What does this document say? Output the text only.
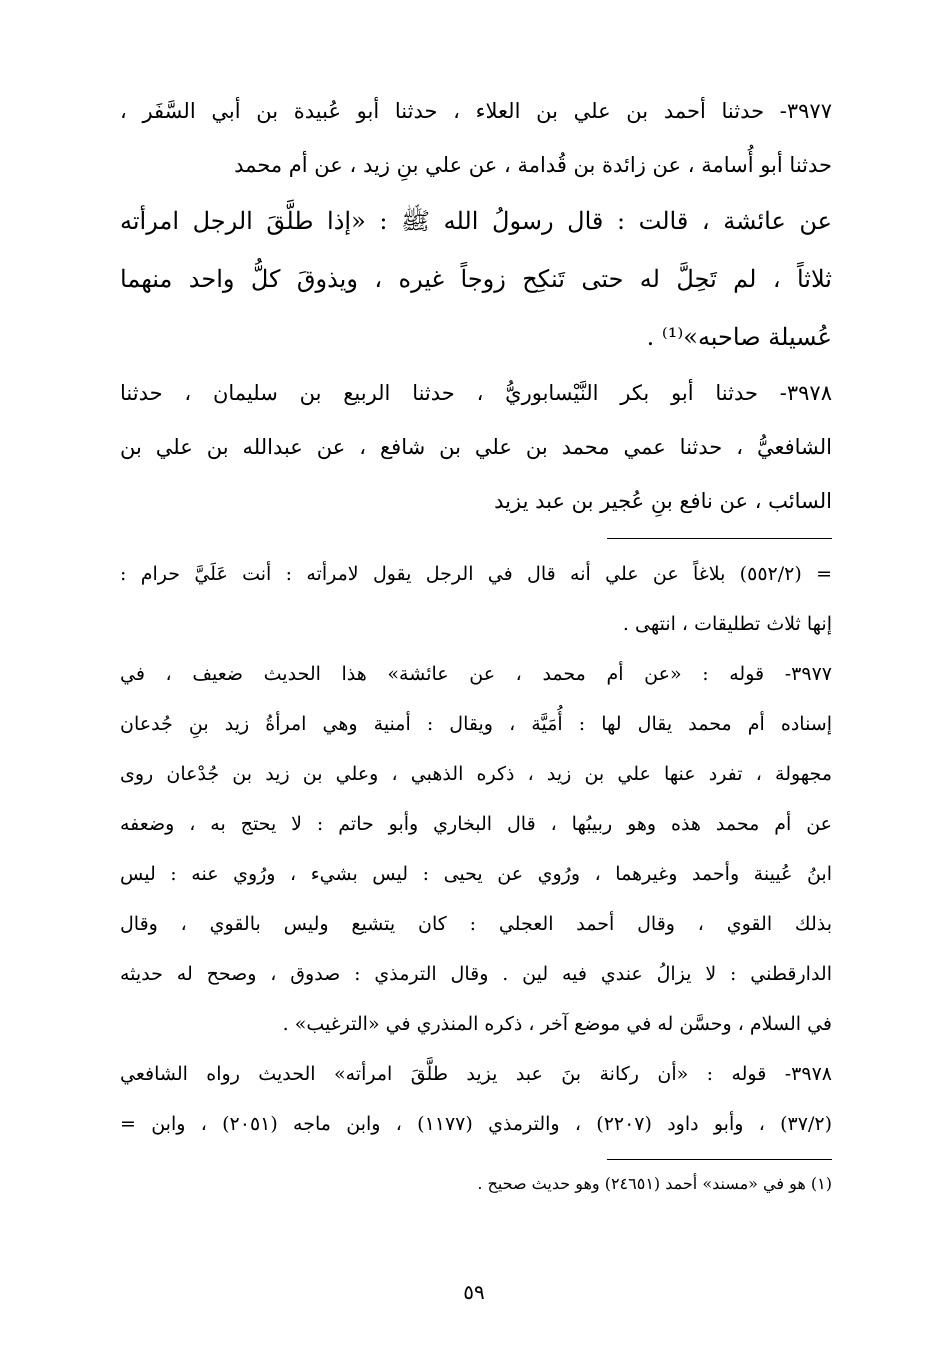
٣٩٧٧- حدثنا أحمد بن علي بن العلاء ، حدثنا أبو عُبيدة بن أبي السَّفَر ،
حدثنا أبو أُسامة ، عن زائدة بن قُدامة ، عن علي بنِ زيد ، عن أم محمد
عن عائشة ، قالت : قال رسولُ الله ﷺ : «إذا طلَّقَ الرجل امرأته
ثلاثاً ، لم تَحِلَّ له حتى تَنكِح زوجاً غيره ، ويذوقَ كلُّ واحد منهما
عُسيلة صاحبه»⁽¹⁾ .
٣٩٧٨- حدثنا أبو بكر النَّيْسابوريُّ ، حدثنا الربيع بن سليمان ، حدثنا
الشافعيُّ ، حدثنا عمي محمد بن علي بن شافع ، عن عبدالله بن علي بن
السائب ، عن نافع بنِ عُجير بن عبد يزيد
= (٥٥٢/٢) بلاغاً عن علي أنه قال في الرجل يقول لامرأته : أنت عَلَيَّ حرام :
إنها ثلاث تطليقات ، انتهى .
٣٩٧٧- قوله : «عن أم محمد ، عن عائشة» هذا الحديث ضعيف ، في
إسناده أم محمد يقال لها : أُمَيَّة ، ويقال : أمنية وهي امرأةُ زيد بنِ جُدعان
مجهولة ، تفرد عنها علي بن زيد ، ذكره الذهبي ، وعلي بن زيد بن جُدْعان روى
عن أم محمد هذه وهو ربيبُها ، قال البخاري وأبو حاتم : لا يحتج به ، وضعفه
ابنُ عُيينة وأحمد وغيرهما ، ورُوي عن يحيى : ليس بشيء ، ورُوي عنه : ليس
بذلك القوي ، وقال أحمد العجلي : كان يتشيع وليس بالقوي ، وقال
الدارقطني : لا يزالُ عندي فيه لين . وقال الترمذي : صدوق ، وصحح له حديثه
في السلام ، وحسَّن له في موضع آخر ، ذكره المنذري في «الترغيب» .
٣٩٧٨- قوله : «أن ركانة بنَ عبد يزيد طلَّقَ امرأته» الحديث رواه الشافعي
(٣٧/٢) ، وأبو داود (٢٢٠٧) ، والترمذي (١١٧٧) ، وابن ماجه (٢٠٥١) ، وابن =
(١) هو في «مسند» أحمد (٢٤٦٥١) وهو حديث صحيح .
٥٩
